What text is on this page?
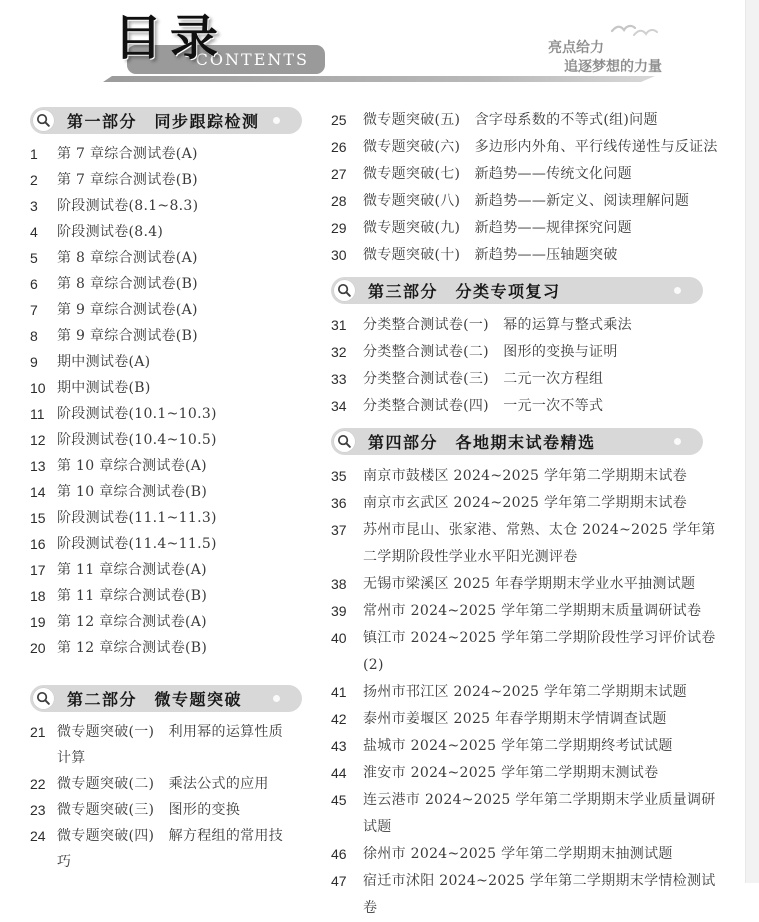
目录
CONTENTS
亮点给力
追逐梦想的力量
第一部分　同步跟踪检测
1	第 7 章综合测试卷(A)
2	第 7 章综合测试卷(B)
3	阶段测试卷(8.1~8.3)
4	阶段测试卷(8.4)
5	第 8 章综合测试卷(A)
6	第 8 章综合测试卷(B)
7	第 9 章综合测试卷(A)
8	第 9 章综合测试卷(B)
9	期中测试卷(A)
10 期中测试卷(B)
11 阶段测试卷(10.1~10.3)
12 阶段测试卷(10.4~10.5)
13 第 10 章综合测试卷(A)
14 第 10 章综合测试卷(B)
15 阶段测试卷(11.1~11.3)
16 阶段测试卷(11.4~11.5)
17 第 11 章综合测试卷(A)
18 第 11 章综合测试卷(B)
19 第 12 章综合测试卷(A)
20 第 12 章综合测试卷(B)
第二部分　微专题突破
21 微专题突破(一)　利用幂的运算性质计算
22 微专题突破(二)　乘法公式的应用
23 微专题突破(三)　图形的变换
24 微专题突破(四)　解方程组的常用技巧
25	微专题突破(五)　含字母系数的不等式(组)问题
26	微专题突破(六)　多边形内外角、平行线传递性与反证法
27	微专题突破(七)　新趋势——传统文化问题
28	微专题突破(八)　新趋势——新定义、阅读理解问题
29	微专题突破(九)　新趋势——规律探究问题
30	微专题突破(十)　新趋势——压轴题突破
第三部分　分类专项复习
31	分类整合测试卷(一)　幂的运算与整式乘法
32	分类整合测试卷(二)　图形的变换与证明
33	分类整合测试卷(三)　二元一次方程组
34	分类整合测试卷(四)　一元一次不等式
第四部分　各地期末试卷精选
35	南京市鼓楼区 2024~2025 学年第二学期期末试卷
36	南京市玄武区 2024~2025 学年第二学期期末试卷
37	苏州市昆山、张家港、常熟、太仓 2024~2025 学年第二学期阶段性学业水平阳光测评卷
38	无锡市梁溪区 2025 年春学期期末学业水平抽测试题
39	常州市 2024~2025 学年第二学期期末质量调研试卷
40	镇江市 2024~2025 学年第二学期阶段性学习评价试卷(2)
41	扬州市邗江区 2024~2025 学年第二学期期末试题
42	泰州市姜堰区 2025 年春学期期末学情调查试题
43	盐城市 2024~2025 学年第二学期期终考试试题
44	淮安市 2024~2025 学年第二学期期末测试卷
45	连云港市 2024~2025 学年第二学期期末学业质量调研试题
46	徐州市 2024~2025 学年第二学期期末抽测试题
47	宿迁市沭阳 2024~2025 学年第二学期期末学情检测试卷
